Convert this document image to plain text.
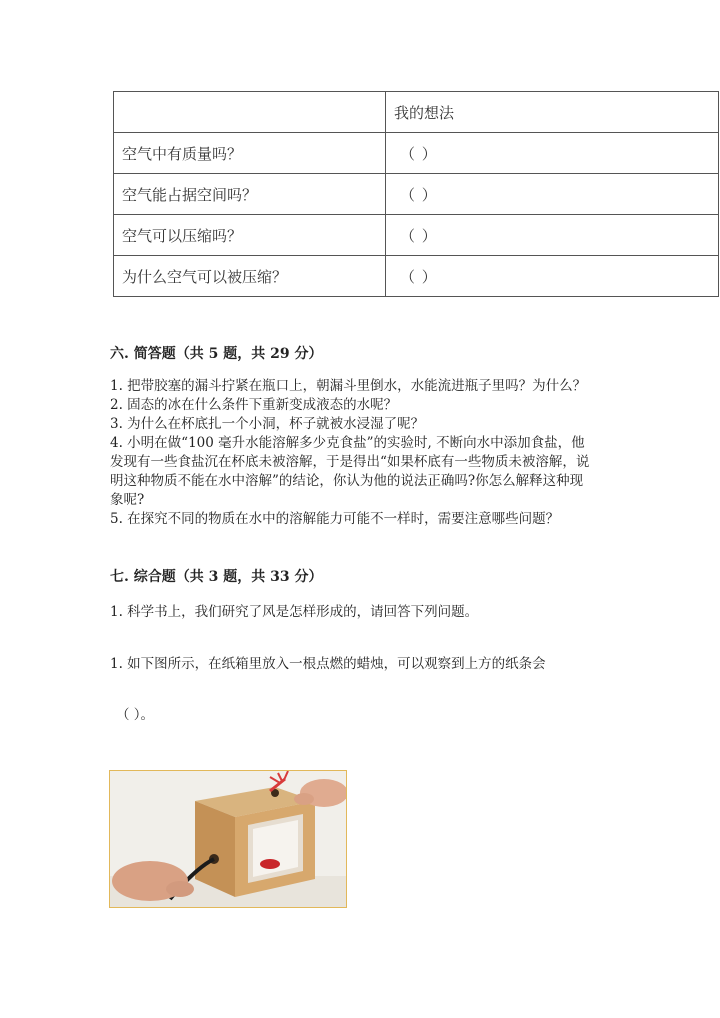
	我的想法
空气中有质量吗？	（ ）
空气能占据空间吗？	（ ）
空气可以压缩吗？	（ ）
为什么空气可以被压缩？	（ ）
六. 简答题（共 5 题，共 29 分）

1. 把带胶塞的漏斗拧紧在瓶口上，朝漏斗里倒水，水能流进瓶子里吗？为什么？

2. 固态的冰在什么条件下重新变成液态的水呢？

3. 为什么在杯底扎一个小洞，杯子就被水浸湿了呢？

4. 小明在做“100 毫升水能溶解多少克食盐”的实验时, 不断向水中添加食盐，他发现有一些食盐沉在杯底未被溶解，于是得出“如果杯底有一些物质未被溶解，说明这种物质不能在水中溶解”的结论，你认为他的说法正确吗?你怎么解释这种现象呢?

5. 在探究不同的物质在水中的溶解能力可能不一样时，需要注意哪些问题？

七. 综合题（共 3 题，共 33 分）
1. 科学书上，我们研究了风是怎样形成的，请回答下列问题。
1. 如下图所示，在纸箱里放入一根点燃的蜡烛，可以观察到上方的纸条会
（ ）。
